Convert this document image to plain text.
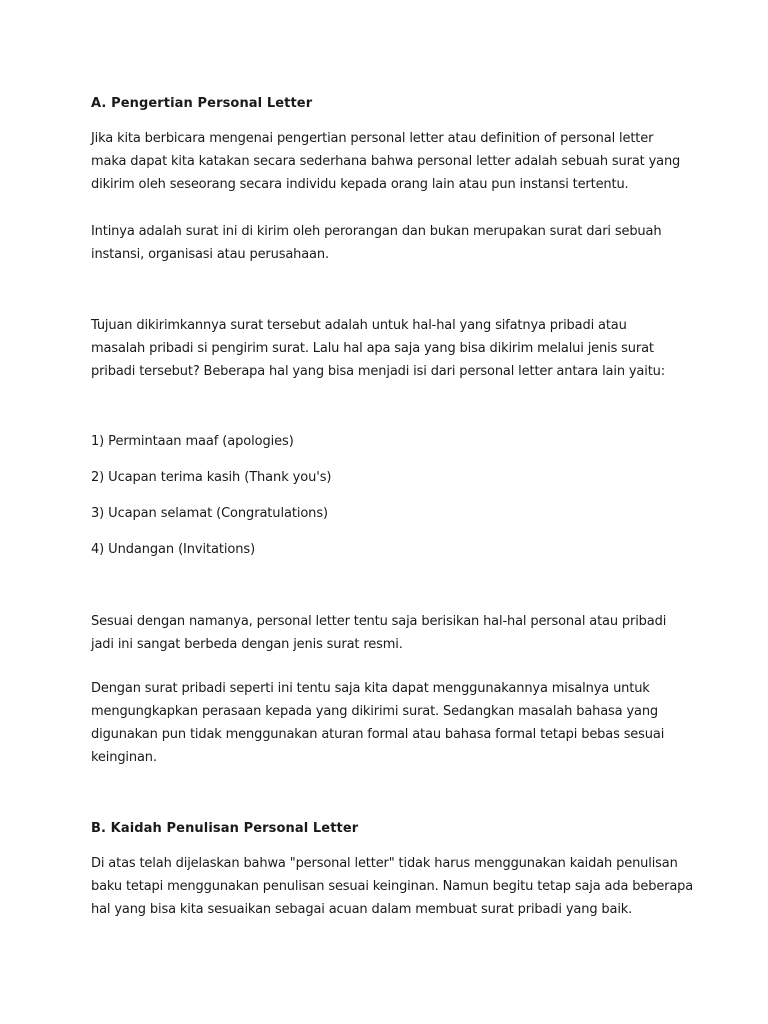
A. Pengertian Personal Letter
Jika kita berbicara mengenai pengertian personal letter atau definition of personal letter
maka dapat kita katakan secara sederhana bahwa personal letter adalah sebuah surat yang
dikirim oleh seseorang secara individu kepada orang lain atau pun instansi tertentu.
Intinya adalah surat ini di kirim oleh perorangan dan bukan merupakan surat dari sebuah
instansi, organisasi atau perusahaan.
Tujuan dikirimkannya surat tersebut adalah untuk hal-hal yang sifatnya pribadi atau
masalah pribadi si pengirim surat. Lalu hal apa saja yang bisa dikirim melalui jenis surat
pribadi tersebut? Beberapa hal yang bisa menjadi isi dari personal letter antara lain yaitu:
1) Permintaan maaf (apologies)
2) Ucapan terima kasih (Thank you's)
3) Ucapan selamat (Congratulations)
4) Undangan (Invitations)
Sesuai dengan namanya, personal letter tentu saja berisikan hal-hal personal atau pribadi
jadi ini sangat berbeda dengan jenis surat resmi.
Dengan surat pribadi seperti ini tentu saja kita dapat menggunakannya misalnya untuk
mengungkapkan perasaan kepada yang dikirimi surat. Sedangkan masalah bahasa yang
digunakan pun tidak menggunakan aturan formal atau bahasa formal tetapi bebas sesuai
keinginan.
B. Kaidah Penulisan Personal Letter
Di atas telah dijelaskan bahwa "personal letter" tidak harus menggunakan kaidah penulisan
baku tetapi menggunakan penulisan sesuai keinginan. Namun begitu tetap saja ada beberapa
hal yang bisa kita sesuaikan sebagai acuan dalam membuat surat pribadi yang baik.
